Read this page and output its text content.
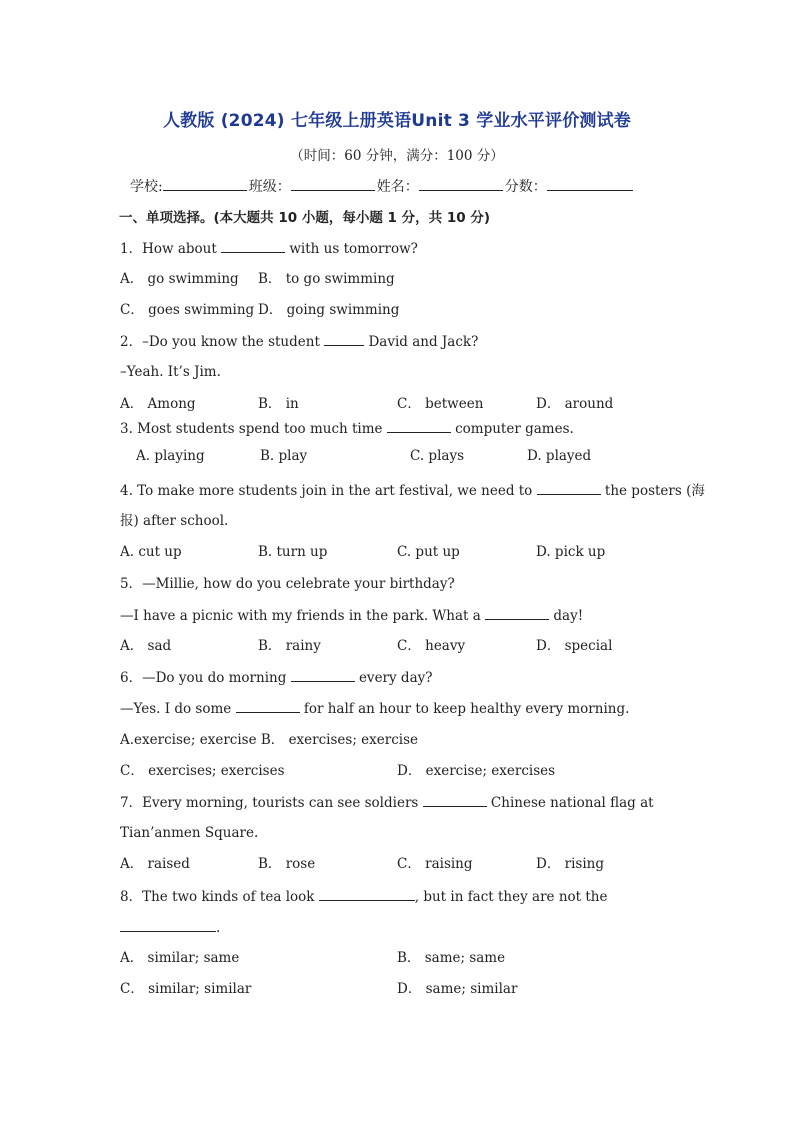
人教版 (2024) 七年级上册英语Unit 3 学业水平评价测试卷
（时间：60 分钟，满分：100 分）
学校:	班级：	姓名：	分数：
一、单项选择。(本大题共 10 小题，每小题 1 分，共 10 分)
1．How about	with us tomorrow?
A． go swimming B． to go swimming
C． goes swimming D． going swimming
2．–Do you know the student	David and Jack?
–Yeah. It’s Jim.
A． Among	B． in	C． between	D． around
3. Most students spend too much time	computer games.
A. playing	B. play	C. plays	D. played
4. To make more students join in the art festival, we need to	the posters (海
报) after school.
A. cut up	B. turn up	C. put up	D. pick up
5．—Millie, how do you celebrate your birthday?
—I have a picnic with my friends in the park. What a	day!
A． sad	B． rainy	C． heavy	D． special
6．—Do you do morning	every day?
—Yes. I do some	for half an hour to keep healthy every morning.
A.exercise; exercise B． exercises; exercise
C． exercises; exercises	D． exercise; exercises
7．Every morning, tourists can see soldiers	Chinese national flag at
Tian’anmen Square.
A． raised	B． rose	C． raising	D． rising
8．The two kinds of tea look	, but in fact they are not the
.
A． similar; same	B． same; same
C． similar; similar	D． same; similar
